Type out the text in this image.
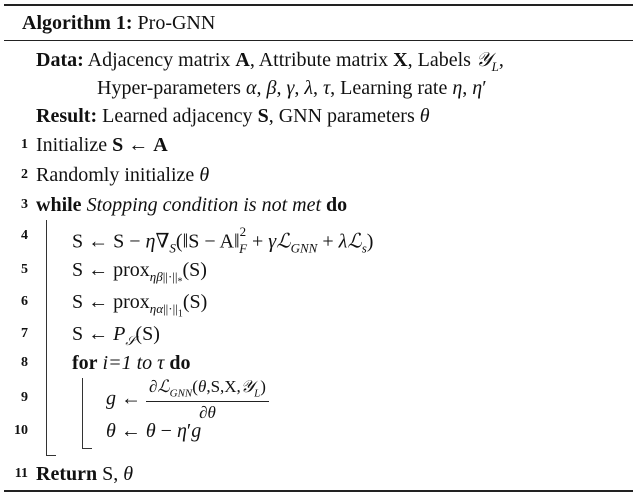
Algorithm 1: Pro-GNN
Data: Adjacency matrix A, Attribute matrix X, Labels 𝒴$_L$,
Hyper-parameters α, β, γ, λ, τ, Learning rate η, η′
Result: Learned adjacency S, GNN parameters θ
1 Initialize S ← A
2 Randomly initialize θ
3 while Stopping condition is not met do
4 S ← $S - \eta\nabla_S(‖S$ − A‖$^2_F$ + γℒ$_{GNN}$ + λℒ$_s$)
5 S ← prox$_{\eta\beta||\cdot||_*}$(S)
6 S ← prox$_{\eta\alpha||\cdot||_1}$(S)
7 S ← $P_𝒮(S)$
8 for i=1 to τ do
9	g ← $\frac{\partial ℒ_{GNN}(\theta,S,X,𝒴_L)}{\partial\theta}$
10	θ ← θ − η′g
11 Return S, θ
